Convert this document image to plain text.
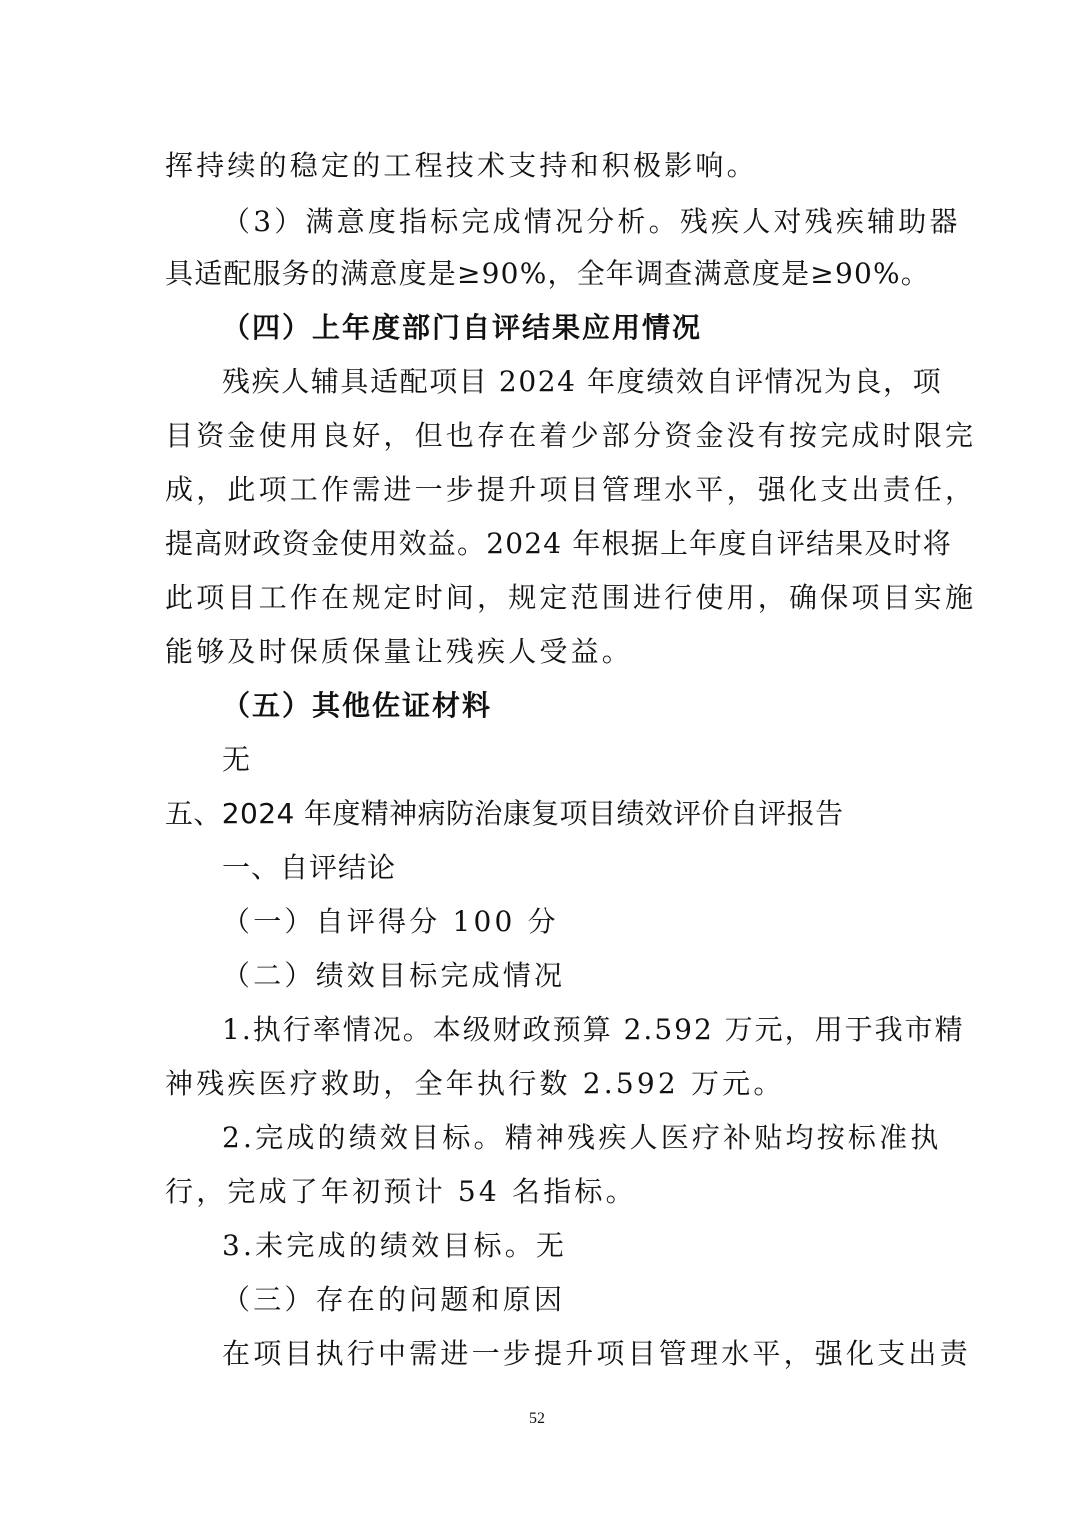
挥持续的稳定的工程技术支持和积极影响。

（3）满意度指标完成情况分析。残疾人对残疾辅助器

具适配服务的满意度是≥90%，全年调查满意度是≥90%。

（四）上年度部门自评结果应用情况

残疾人辅具适配项目 2024 年度绩效自评情况为良，项

目资金使用良好，但也存在着少部分资金没有按完成时限完

成，此项工作需进一步提升项目管理水平，强化支出责任，

提高财政资金使用效益。2024 年根据上年度自评结果及时将

此项目工作在规定时间，规定范围进行使用，确保项目实施

能够及时保质保量让残疾人受益。

（五）其他佐证材料

无

五、2024 年度精神病防治康复项目绩效评价自评报告

一、自评结论

（一）自评得分 100 分

（二）绩效目标完成情况

1.执行率情况。本级财政预算 2.592 万元，用于我市精

神残疾医疗救助，全年执行数 2.592 万元。

2.完成的绩效目标。精神残疾人医疗补贴均按标准执

行，完成了年初预计 54 名指标。

3.未完成的绩效目标。无

（三）存在的问题和原因

在项目执行中需进一步提升项目管理水平，强化支出责

52
